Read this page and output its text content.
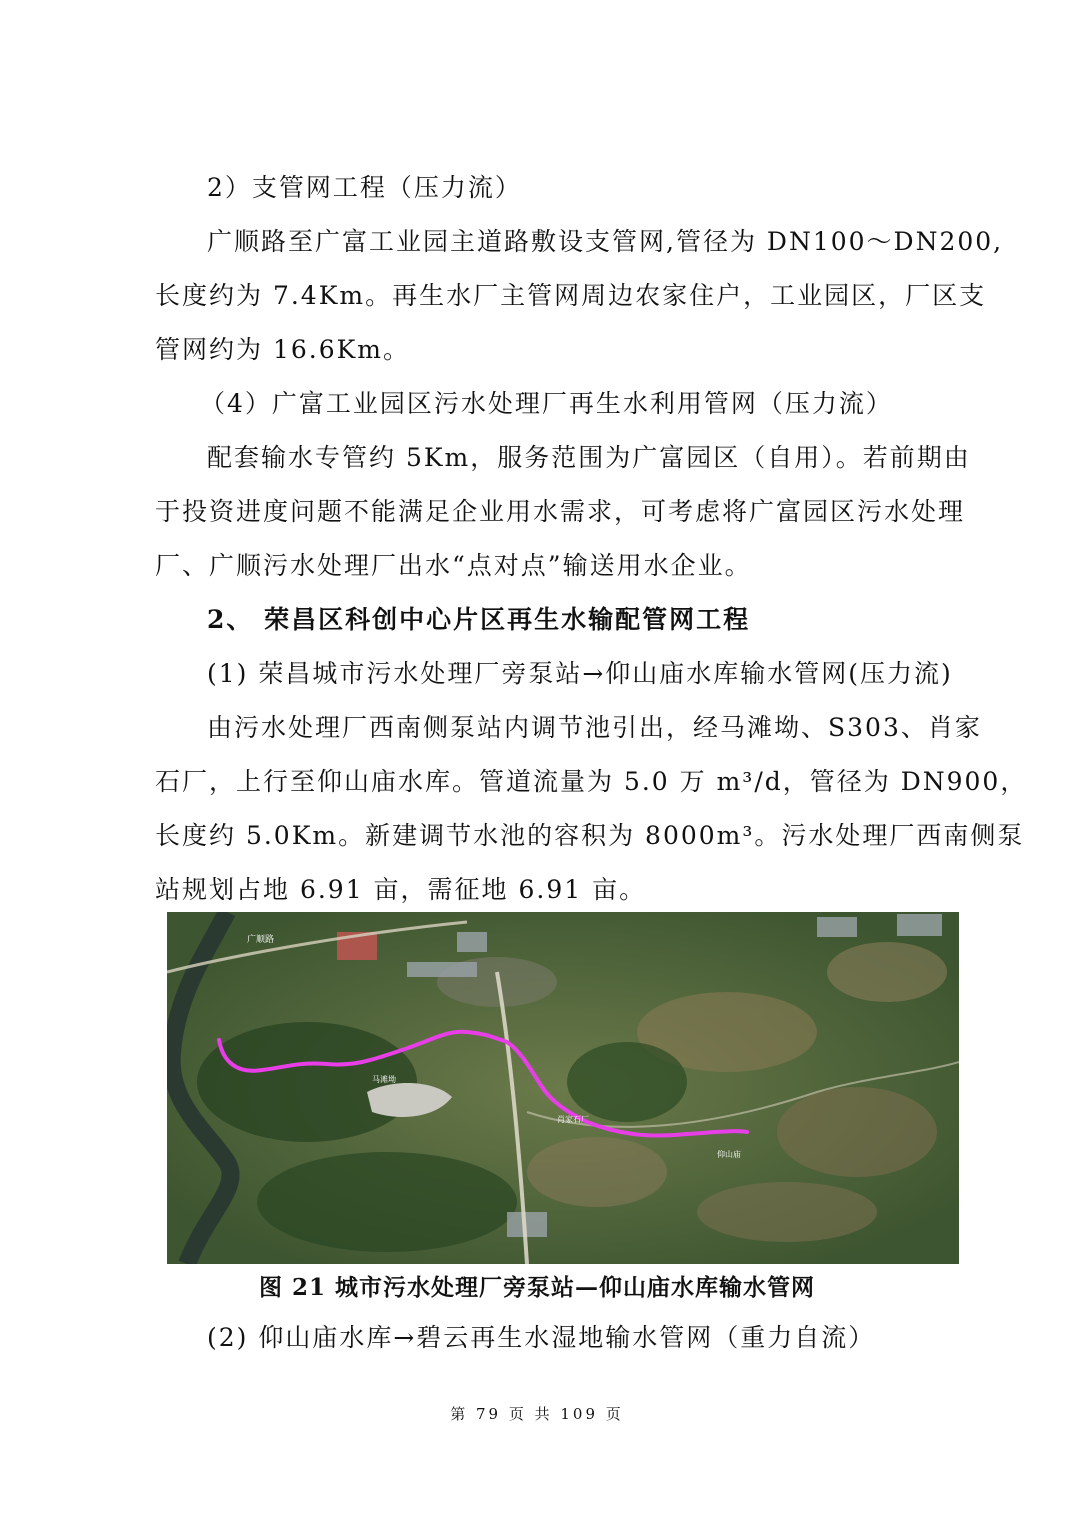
2）支管网工程（压力流）
广顺路至广富工业园主道路敷设支管网,管径为 DN100～DN200,
长度约为 7.4Km。再生水厂主管网周边农家住户，工业园区，厂区支
管网约为 16.6Km。
（4）广富工业园区污水处理厂再生水利用管网（压力流）
配套输水专管约 5Km，服务范围为广富园区（自用）。若前期由
于投资进度问题不能满足企业用水需求，可考虑将广富园区污水处理
厂、广顺污水处理厂出水“点对点”输送用水企业。
2、 荣昌区科创中心片区再生水输配管网工程
(1) 荣昌城市污水处理厂旁泵站→仰山庙水库输水管网(压力流)
由污水处理厂西南侧泵站内调节池引出，经马滩坳、S303、肖家
石厂，上行至仰山庙水库。管道流量为 5.0 万 m³/d，管径为 DN900，
长度约 5.0Km。新建调节水池的容积为 8000m³。污水处理厂西南侧泵
站规划占地 6.91 亩，需征地 6.91 亩。
广顺路
马滩坳
肖家石厂
仰山庙
图 21 城市污水处理厂旁泵站—仰山庙水库输水管网
(2) 仰山庙水库→碧云再生水湿地输水管网（重力自流）
第 79 页 共 109 页
